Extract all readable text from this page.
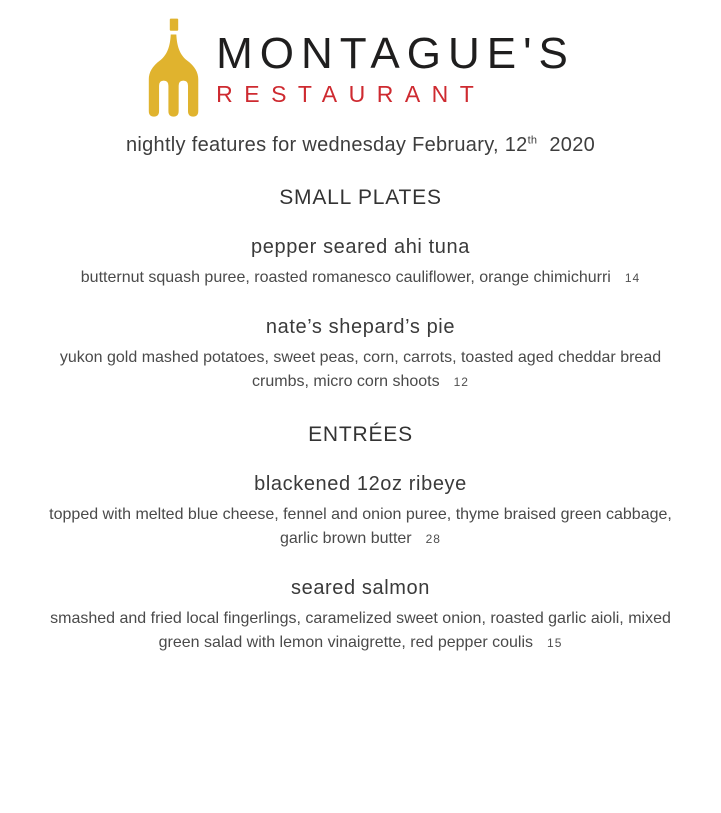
MONTAGUE'S
RESTAURANT

nightly features for wednesday February, 12th 2020

SMALL PLATES
pepper seared ahi tuna

butternut squash puree, roasted romanesco cauliflower, orange chimichurri 14

nate’s shepard’s pie

yukon gold mashed potatoes, sweet peas, corn, carrots, toasted aged cheddar bread crumbs, micro corn shoots 12

ENTRÉES
blackened 12oz ribeye

topped with melted blue cheese, fennel and onion puree, thyme braised green cabbage, garlic brown butter 28

seared salmon

smashed and fried local fingerlings, caramelized sweet onion, roasted garlic aioli, mixed green salad with lemon vinaigrette, red pepper coulis 15
